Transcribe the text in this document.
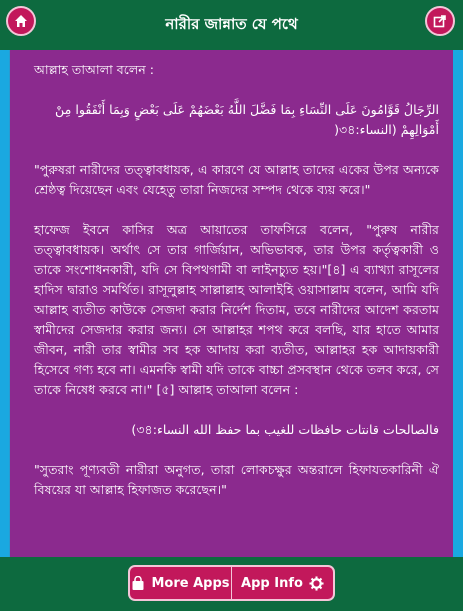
নারীর জান্নাত যে পথে

আল্লাহ তাআলা বলেন :

الرِّجَالُ قَوَّامُونَ عَلَى النِّسَاءِ بِمَا فَضَّلَ اللَّهُ بَعْضَهُمْ عَلَى بَعْضٍ وَبِمَا أَنْفَقُوا مِنْ أَمْوَالِهِمْ (النساء:৩৪(

"পুরুষরা নারীদের তত্ত্বাবধায়ক, এ কারণে যে আল্লাহ তাদের একের উপর অন্যকে শ্রেষ্ঠত্ব দিয়েছেন এবং যেহেতু তারা নিজদের সম্পদ থেকে ব্যয় করে।"

হাফেজ ইবনে কাসির অত্র আয়াতের তাফসিরে বলেন, "পুরুষ নারীর তত্ত্বাবধায়ক। অর্থাৎ সে তার গার্জিয়ান, অভিভাবক, তার উপর কর্তৃত্বকারী ও তাকে সংশোধনকারী, যদি সে বিপথগামী বা লাইনচ্যুত হয়।"[৪] এ ব্যাখ্যা রাসূলের হাদিস দ্বারাও সমর্থিত। রাসূলুল্লাহ সাল্লাল্লাহ আলাইহি ওয়াসাল্লাম বলেন, আমি যদি আল্লাহ ব্যতীত কাউকে সেজদা করার নির্দেশ দিতাম, তবে নারীদের আদেশ করতাম স্বামীদের সেজদার করার জন্য। সে আল্লাহর শপথ করে বলছি, যার হাতে আমার জীবন, নারী তার স্বামীর সব হক আদায় করা ব্যতীত, আল্লাহর হক আদায়কারী হিসেবে গণ্য হবে না। এমনকি স্বামী যদি তাকে বাচ্চা প্রসবস্থান থেকে তলব করে, সে তাকে নিষেধ করবে না।" [৫] আল্লাহ তাআলা বলেন :

فالصالحات قانتات حافظات للغيب بما حفظ الله النساء:৩৪)

"সুতরাং পূণ্যবতী নারীরা অনুগত, তারা লোকচক্ষুর অন্তরালে হিফাযতকারিনী ঐ বিষয়ের যা আল্লাহ হিফাজত করেছেন।"

More Apps App Info
